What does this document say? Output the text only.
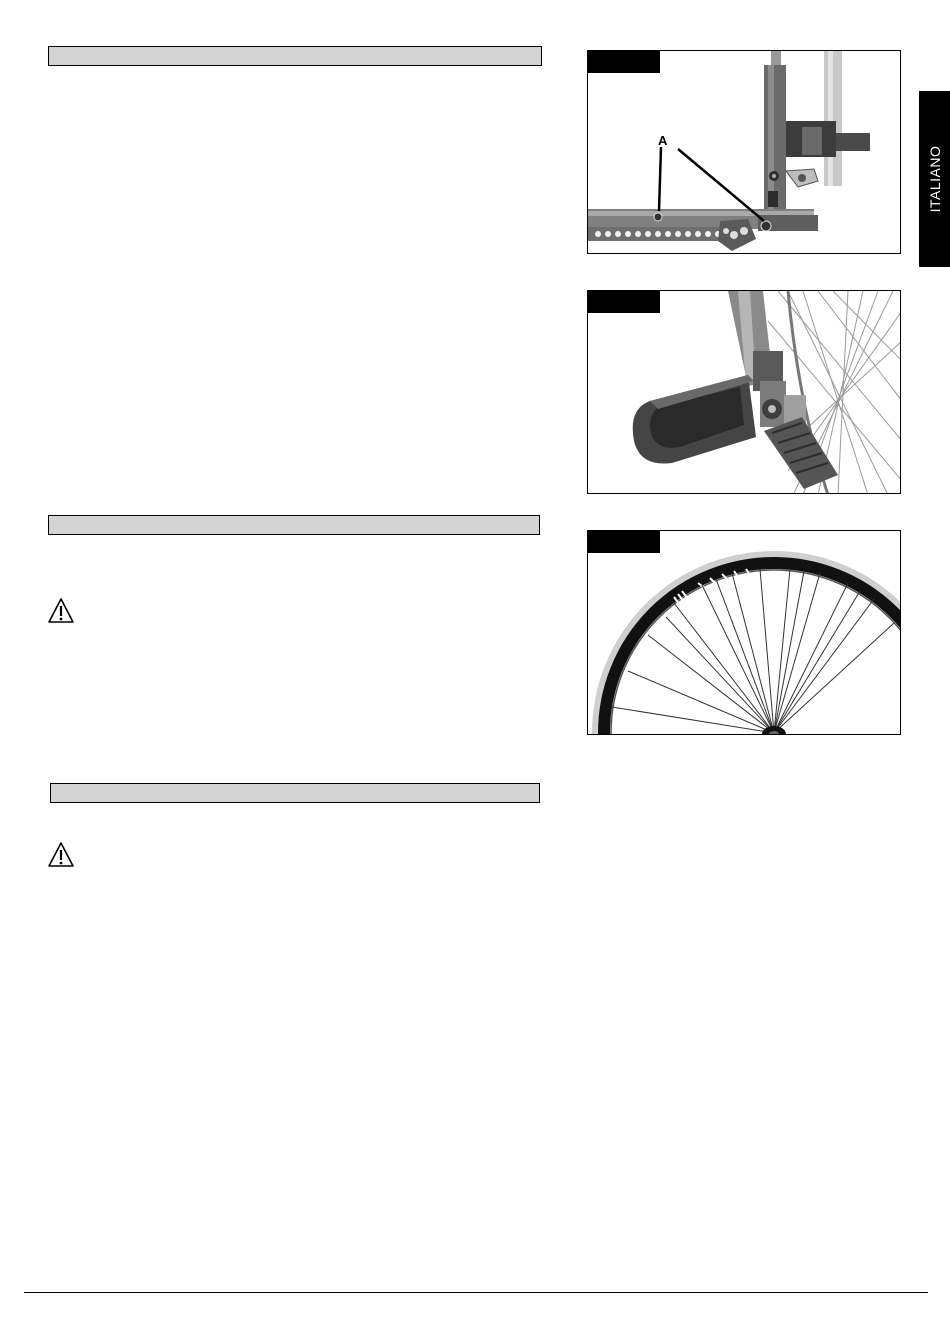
A
ITALIANO
